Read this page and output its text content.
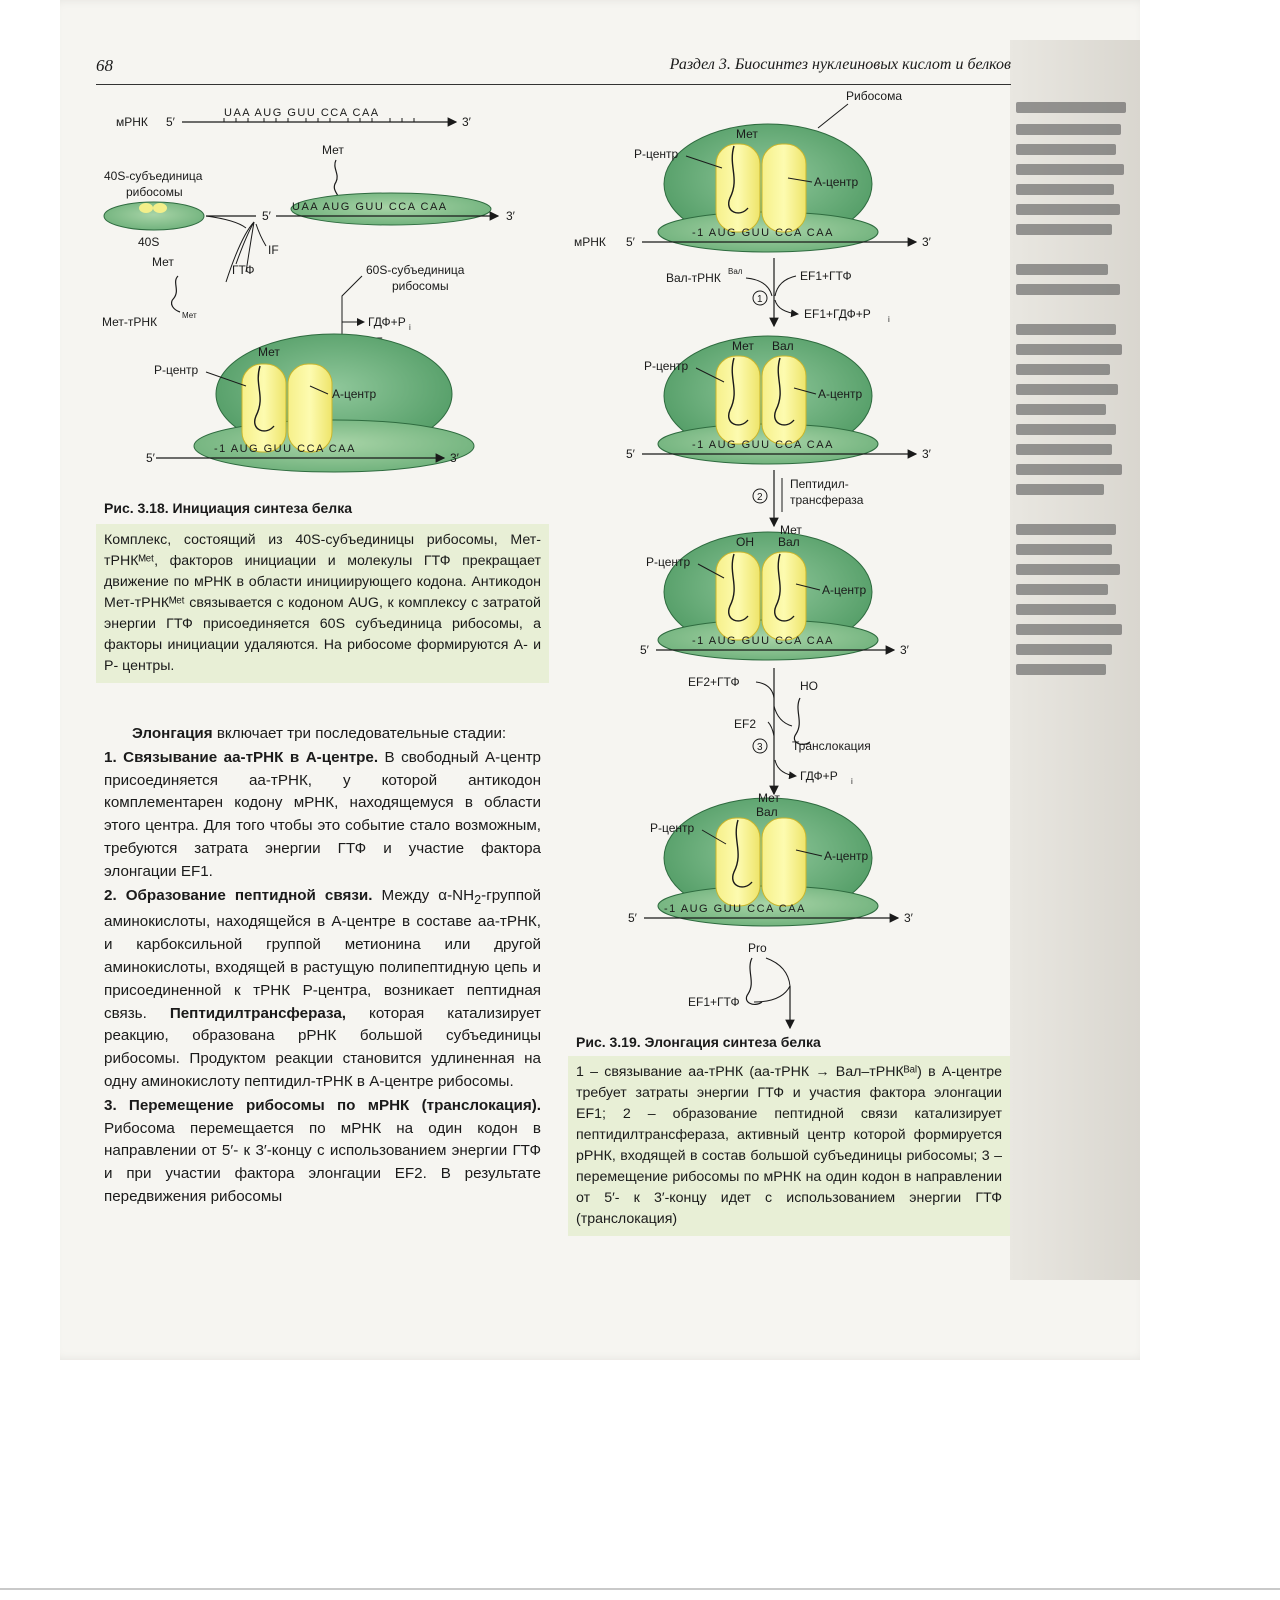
68	Раздел 3. Биосинтез нуклеиновых кислот и белков
мРНК 5′	3′
UAA AUG GUU CCA CAA
Мет
40S-субъединица
рибосомы
40S
5′	3′
UAA AUG GUU CCA CAA
IF
ГТФ
Мет
Мет-тРНК	Мет
60S-субъединица
рибосомы
ГДФ+P i
Мет
Р-центр
А-центр
5′	3′
-1 AUG GUU CCA CAA
Рис. 3.18. Инициация синтеза белка
Комплекс, состоящий из 40S-субъединицы рибосомы, Мет-тРНКᴹᵉᵗ, факторов инициации и молекулы ГТФ прекращает движение по мРНК в области инициирующего кодона. Антикодон Мет-тРНКᴹᵉᵗ связывается с кодоном AUG, к комплексу с затратой энергии ГТФ присоединяется 60S субъединица рибосомы, а факторы инициации удаляются. На рибосоме формируются А- и Р- центры.
Рибосома
Мет
Р-центр
А-центр
мРНК 5′	3′
-1 AUG GUU CCA CAA
Вал-тРНК Вал	EF1+ГТФ
1
EF1+ГДФ+P i
Мет Вал
Р-центр
А-центр
5′	3′
-1 AUG GUU CCA CAA
2
Пептидил-
трансфераза
Мет
OH Вал
Р-центр
А-центр
5′	3′
-1 AUG GUU CCA CAA
EF2+ГТФ	HO
EF2
3 Транслокация
ГДФ+P i
Мет
Вал
Р-центр
А-центр
5′	3′
-1 AUG GUU CCA CAA
Pro
EF1+ГТФ
Рис. 3.19. Элонгация синтеза белка
1 – связывание аа-тРНК (аа-тРНК → Вал–тРНКᴮᵃˡ) в А-центре требует затраты энергии ГТФ и участия фактора элонгации EF1; 2 – образование пептидной связи катализирует пептидилтрансфераза, активный центр которой формируется рРНК, входящей в состав большой субъединицы рибосомы; 3 – перемещение рибосомы по мРНК на один кодон в направлении от 5′- к 3′-концу идет с использованием энергии ГТФ (транслокация)

Элонгация включает три последовательные стадии:

1. Связывание аа-тРНК в А-центре. В свободный А-центр присоединяется аа-тРНК, у которой антикодон комплементарен кодону мРНК, находящемуся в области этого центра. Для того чтобы это событие стало возможным, требуются затрата энергии ГТФ и участие фактора элонгации EF1.

2. Образование пептидной связи. Между $\alpha-NH_2$-группой аминокислоты, находящейся в А-центре в составе аа-тРНК, и карбоксильной группой метионина или другой аминокислоты, входящей в растущую полипептидную цепь и присоединенной к тРНК Р-центра, возникает пептидная связь. Пептидилтрансфераза, которая катализирует реакцию, образована рРНК большой субъединицы рибосомы. Продуктом реакции становится удлиненная на одну аминокислоту пептидил-тРНК в А-центре рибосомы.

3. Перемещение рибосомы по мРНК (транслокация). Рибосома перемещается по мРНК на один кодон в направлении от 5′- к 3′-концу с использованием энергии ГТФ и при участии фактора элонгации EF2. В результате передвижения рибосомы
